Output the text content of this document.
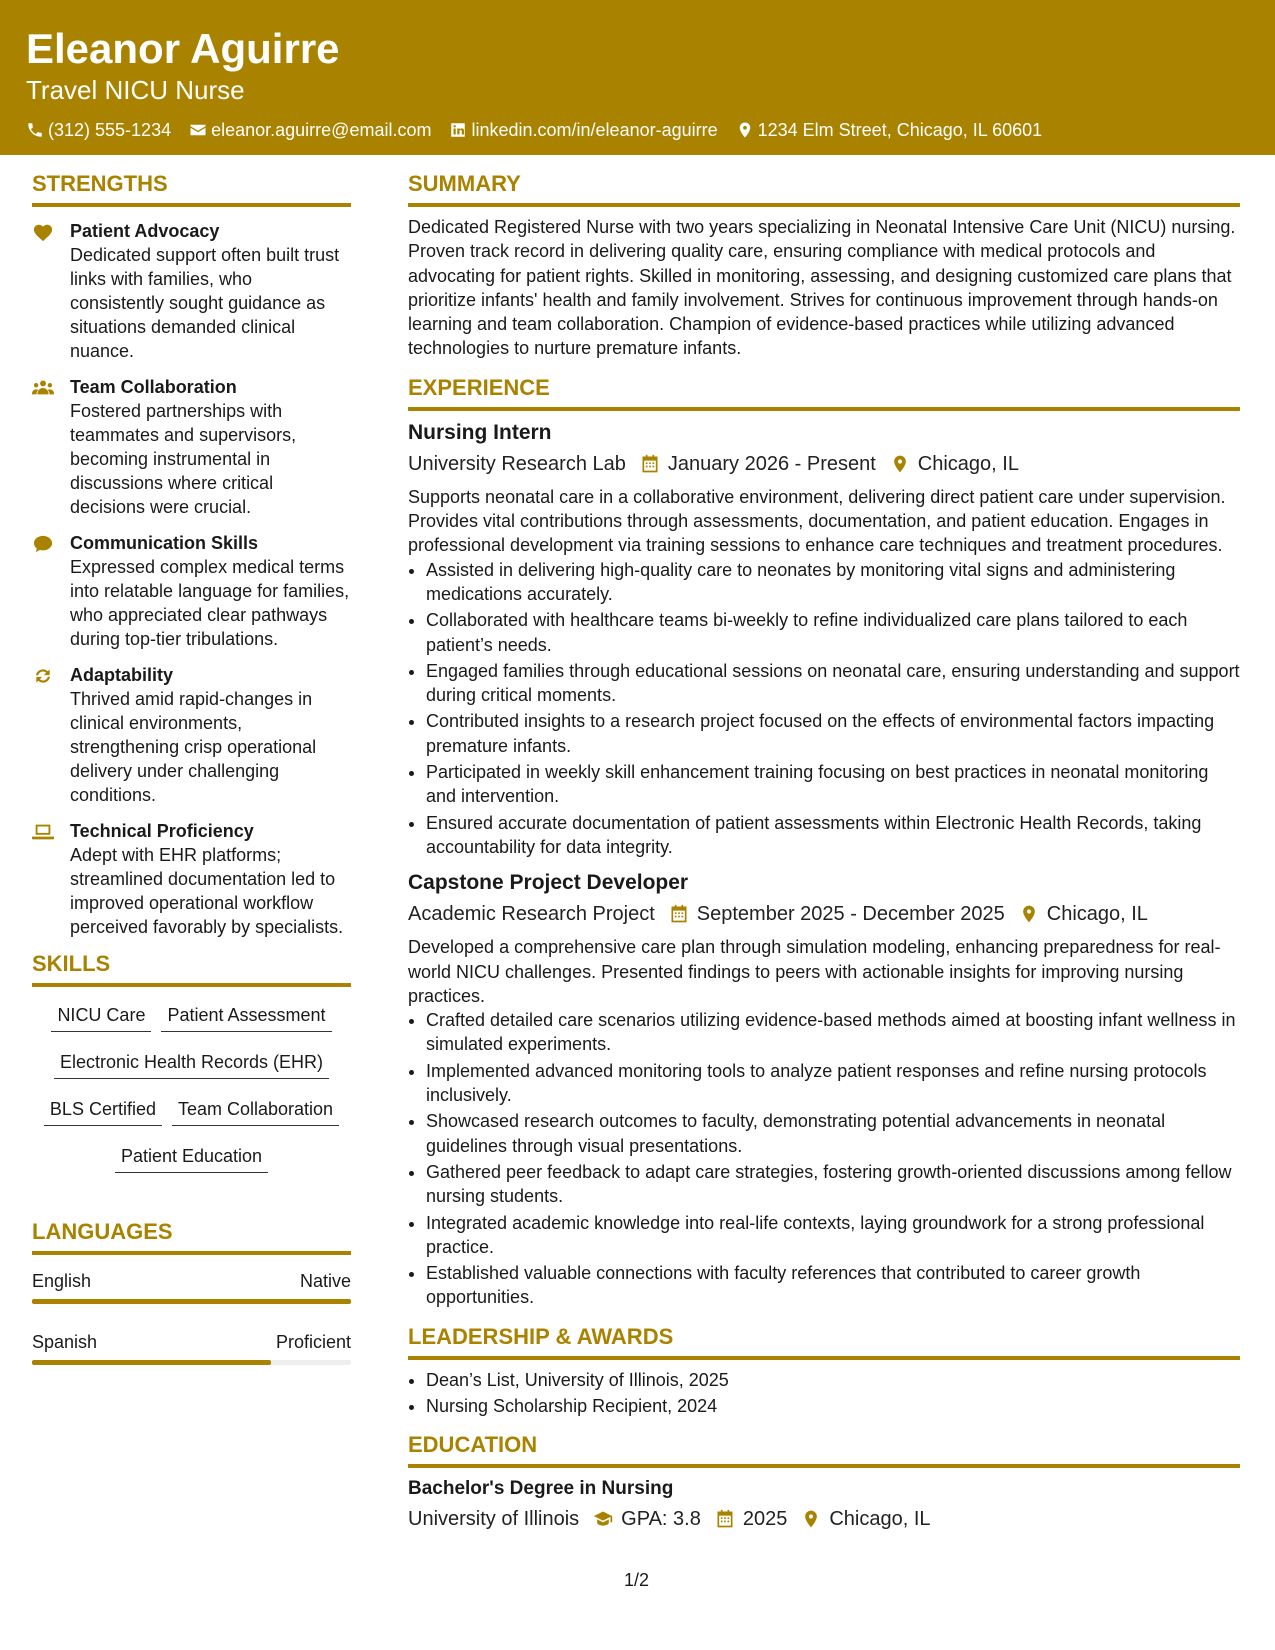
Eleanor Aguirre
Travel NICU Nurse
(312) 555-1234 eleanor.aguirre@email.com linkedin.com/in/eleanor-aguirre 1234 Elm Street, Chicago, IL 60601
STRENGTHS
Patient Advocacy
Dedicated support often built trust links with families, who consistently sought guidance as situations demanded clinical nuance.
Team Collaboration
Fostered partnerships with teammates and supervisors, becoming instrumental in discussions where critical decisions were crucial.
Communication Skills
Expressed complex medical terms into relatable language for families, who appreciated clear pathways during top-tier tribulations.
Adaptability
Thrived amid rapid-changes in clinical environments, strengthening crisp operational delivery under challenging conditions.
Technical Proficiency
Adept with EHR platforms; streamlined documentation led to improved operational workflow perceived favorably by specialists.
SKILLS
NICU Care	Patient Assessment
Electronic Health Records (EHR)
BLS Certified	Team Collaboration
Patient Education
LANGUAGES
English	Native
Spanish	Proficient
SUMMARY
Dedicated Registered Nurse with two years specializing in Neonatal Intensive Care Unit (NICU) nursing. Proven track record in delivering quality care, ensuring compliance with medical protocols and advocating for patient rights. Skilled in monitoring, assessing, and designing customized care plans that prioritize infants' health and family involvement. Strives for continuous improvement through hands-on learning and team collaboration. Champion of evidence-based practices while utilizing advanced technologies to nurture premature infants.
EXPERIENCE
Nursing Intern
University Research Lab January 2026 - Present Chicago, IL
Supports neonatal care in a collaborative environment, delivering direct patient care under supervision. Provides vital contributions through assessments, documentation, and patient education. Engages in professional development via training sessions to enhance care techniques and treatment procedures.
• Assisted in delivering high-quality care to neonates by monitoring vital signs and administering medications accurately.
• Collaborated with healthcare teams bi-weekly to refine individualized care plans tailored to each patient’s needs.
• Engaged families through educational sessions on neonatal care, ensuring understanding and support during critical moments.
• Contributed insights to a research project focused on the effects of environmental factors impacting premature infants.
• Participated in weekly skill enhancement training focusing on best practices in neonatal monitoring and intervention.
• Ensured accurate documentation of patient assessments within Electronic Health Records, taking accountability for data integrity.
Capstone Project Developer
Academic Research Project September 2025 - December 2025 Chicago, IL
Developed a comprehensive care plan through simulation modeling, enhancing preparedness for real-world NICU challenges. Presented findings to peers with actionable insights for improving nursing practices.
• Crafted detailed care scenarios utilizing evidence-based methods aimed at boosting infant wellness in simulated experiments.
• Implemented advanced monitoring tools to analyze patient responses and refine nursing protocols inclusively.
• Showcased research outcomes to faculty, demonstrating potential advancements in neonatal guidelines through visual presentations.
• Gathered peer feedback to adapt care strategies, fostering growth-oriented discussions among fellow nursing students.
• Integrated academic knowledge into real-life contexts, laying groundwork for a strong professional practice.
• Established valuable connections with faculty references that contributed to career growth opportunities.
LEADERSHIP & AWARDS
• Dean’s List, University of Illinois, 2025
• Nursing Scholarship Recipient, 2024
EDUCATION
Bachelor's Degree in Nursing
University of Illinois GPA: 3.8 2025 Chicago, IL
1/2
